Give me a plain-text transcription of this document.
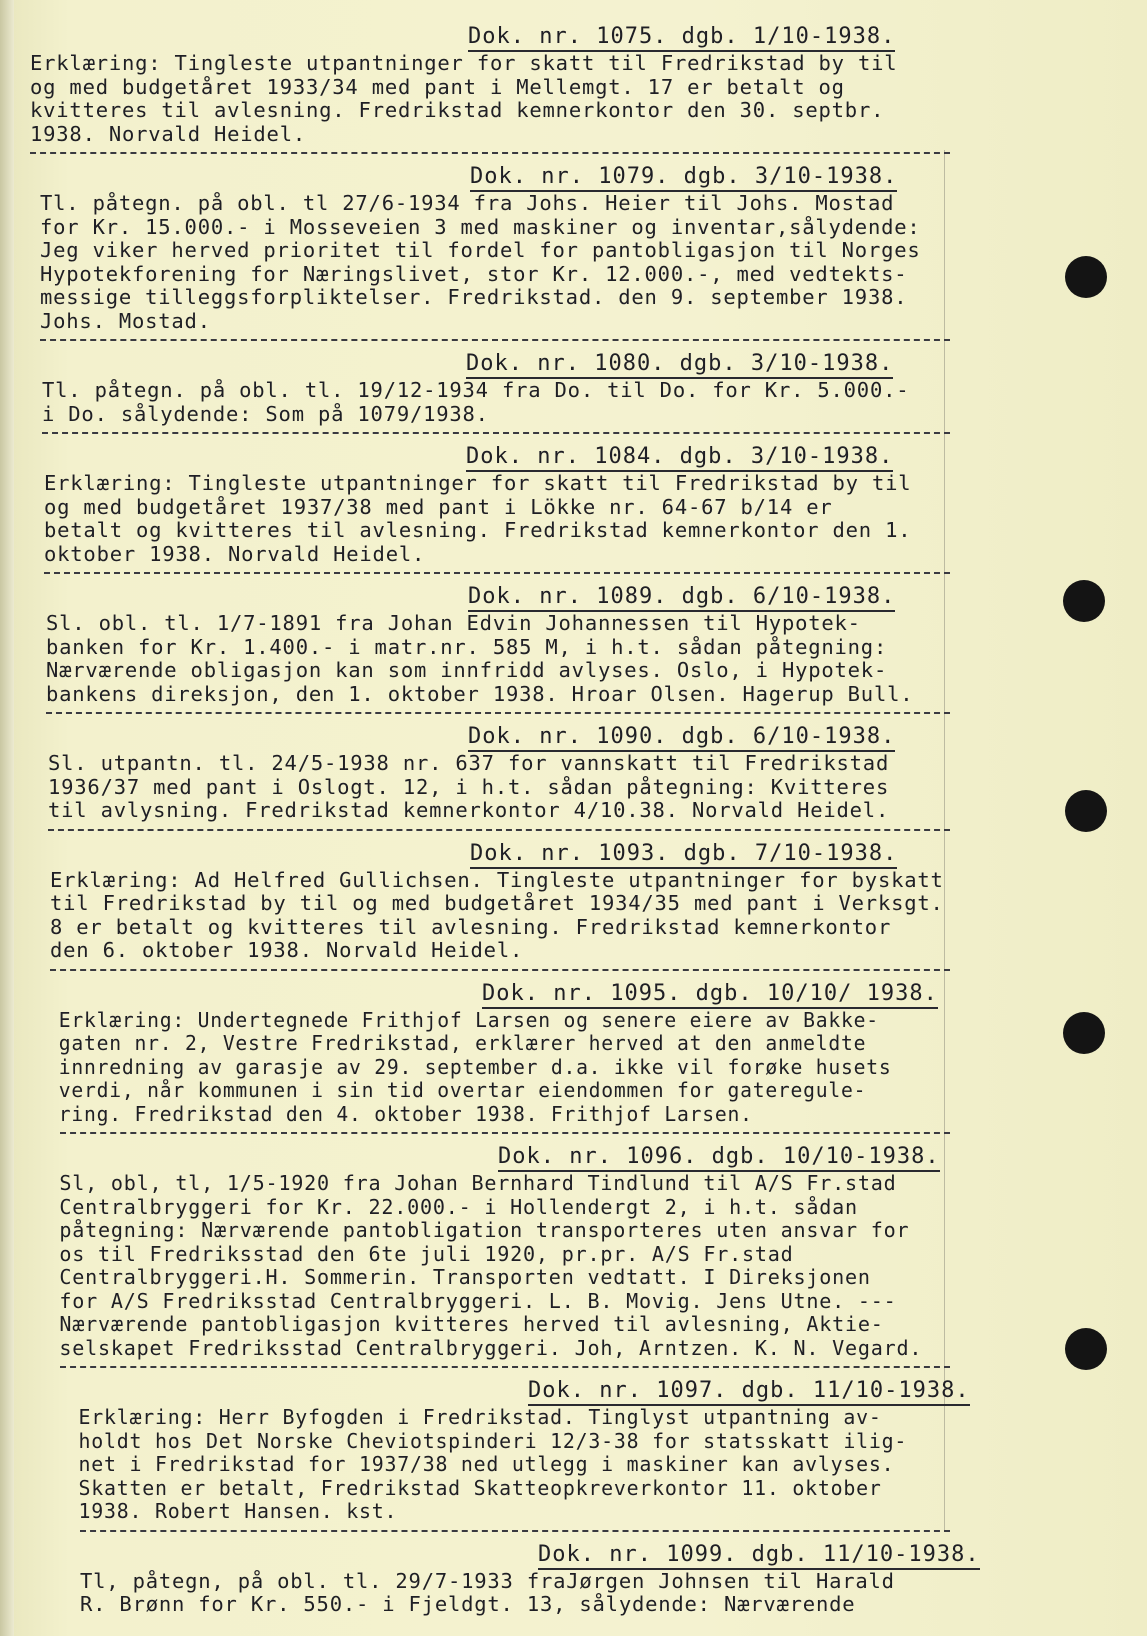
Dok. nr. 1075. dgb. 1/10-1938.
Erklæring: Tingleste utpantninger for skatt til Fredrikstad by til
og med budgetåret 1933/34 med pant i Mellemgt. 17 er betalt og
kvitteres til avlesning. Fredrikstad kemnerkontor den 30. septbr.
1938. Norvald Heidel.
Dok. nr. 1079. dgb. 3/10-1938.
Tl. påtegn. på obl. tl 27/6-1934 fra Johs. Heier til Johs. Mostad
for Kr. 15.000.- i Mosseveien 3 med maskiner og inventar,sålydende:
Jeg viker herved prioritet til fordel for pantobligasjon til Norges
Hypotekforening for Næringslivet, stor Kr. 12.000.-, med vedtekts-
messige tilleggsforpliktelser. Fredrikstad. den 9. september 1938.
Johs. Mostad.
Dok. nr. 1080. dgb. 3/10-1938.
Tl. påtegn. på obl. tl. 19/12-1934 fra Do. til Do. for Kr. 5.000.-
i Do. sålydende: Som på 1079/1938.
Dok. nr. 1084. dgb. 3/10-1938.
Erklæring: Tingleste utpantninger for skatt til Fredrikstad by til
og med budgetåret 1937/38 med pant i Lökke nr. 64-67 b/14 er
betalt og kvitteres til avlesning. Fredrikstad kemnerkontor den 1.
oktober 1938. Norvald Heidel.
Dok. nr. 1089. dgb. 6/10-1938.
Sl. obl. tl. 1/7-1891 fra Johan Edvin Johannessen til Hypotek-
banken for Kr. 1.400.- i matr.nr. 585 M, i h.t. sådan påtegning:
Nærværende obligasjon kan som innfridd avlyses. Oslo, i Hypotek-
bankens direksjon, den 1. oktober 1938. Hroar Olsen. Hagerup Bull.
Dok. nr. 1090. dgb. 6/10-1938.
Sl. utpantn. tl. 24/5-1938 nr. 637 for vannskatt til Fredrikstad
1936/37 med pant i Oslogt. 12, i h.t. sådan påtegning: Kvitteres
til avlysning. Fredrikstad kemnerkontor 4/10.38. Norvald Heidel.
Dok. nr. 1093. dgb. 7/10-1938.
Erklæring: Ad Helfred Gullichsen. Tingleste utpantninger for byskatt
til Fredrikstad by til og med budgetåret 1934/35 med pant i Verksgt.
8 er betalt og kvitteres til avlesning. Fredrikstad kemnerkontor
den 6. oktober 1938. Norvald Heidel.
Dok. nr. 1095. dgb. 10/10/ 1938.
Erklæring: Undertegnede Frithjof Larsen og senere eiere av Bakke-
gaten nr. 2, Vestre Fredrikstad, erklærer herved at den anmeldte
innredning av garasje av 29. september d.a. ikke vil forøke husets
verdi, når kommunen i sin tid overtar eiendommen for gateregule-
ring. Fredrikstad den 4. oktober 1938. Frithjof Larsen.
Dok. nr. 1096. dgb. 10/10-1938.
Sl, obl, tl, 1/5-1920 fra Johan Bernhard Tindlund til A/S Fr.stad
Centralbryggeri for Kr. 22.000.- i Hollendergt 2, i h.t. sådan
påtegning: Nærværende pantobligation transporteres uten ansvar for
os til Fredriksstad den 6te juli 1920, pr.pr. A/S Fr.stad
Centralbryggeri.H. Sommerin. Transporten vedtatt. I Direksjonen
for A/S Fredriksstad Centralbryggeri. L. B. Movig. Jens Utne. ---
Nærværende pantobligasjon kvitteres herved til avlesning, Aktie-
selskapet Fredriksstad Centralbryggeri. Joh, Arntzen. K. N. Vegard.
Dok. nr. 1097. dgb. 11/10-1938.
Erklæring: Herr Byfogden i Fredrikstad. Tinglyst utpantning av-
holdt hos Det Norske Cheviotspinderi 12/3-38 for statsskatt ilig-
net i Fredrikstad for 1937/38 ned utlegg i maskiner kan avlyses.
Skatten er betalt, Fredrikstad Skatteopkreverkontor 11. oktober
1938. Robert Hansen. kst.
Dok. nr. 1099. dgb. 11/10-1938.
Tl, påtegn, på obl. tl. 29/7-1933 fraJørgen Johnsen til Harald
R. Brønn for Kr. 550.- i Fjeldgt. 13, sålydende: Nærværende
